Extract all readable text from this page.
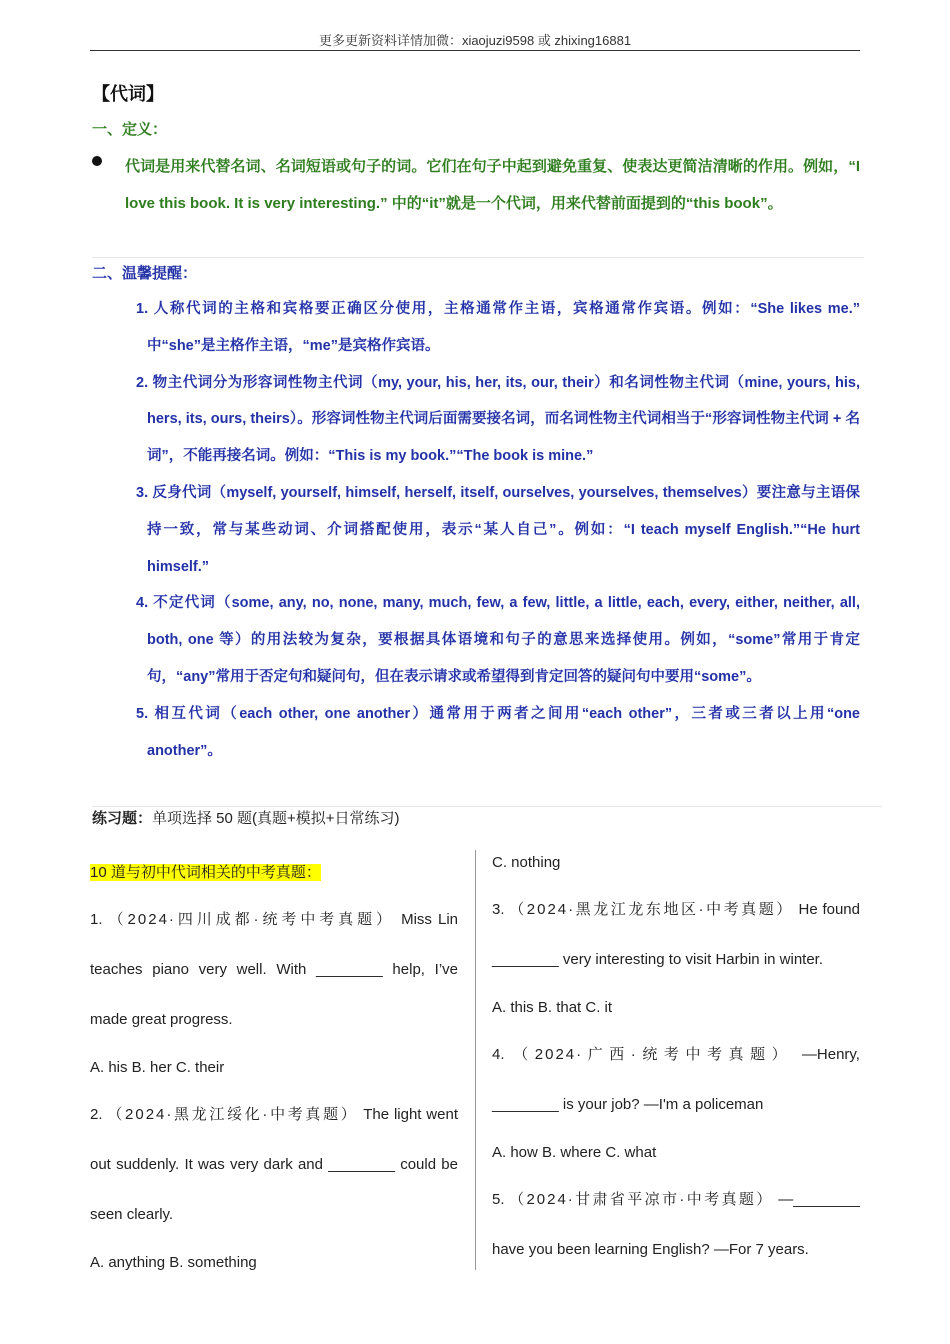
更多更新资料详情加微：xiaojuzi9598 或 zhixing16881
【代词】
一、定义：
代词是用来代替名词、名词短语或句子的词。它们在句子中起到避免重复、使表达更简洁清晰的作用。例如，“I love this book. It is very interesting.” 中的“it”就是一个代词，用来代替前面提到的“this book”。
二、温馨提醒：
1. 人称代词的主格和宾格要正确区分使用，主格通常作主语，宾格通常作宾语。例如：“She likes me.” 中“she”是主格作主语，“me”是宾格作宾语。
2. 物主代词分为形容词性物主代词（my, your, his, her, its, our, their）和名词性物主代词（mine, yours, his, hers, its, ours, theirs）。形容词性物主代词后面需要接名词，而名词性物主代词相当于“形容词性物主代词 + 名词”，不能再接名词。例如：“This is my book.”“The book is mine.”
3. 反身代词（myself, yourself, himself, herself, itself, ourselves, yourselves, themselves）要注意与主语保持一致，常与某些动词、介词搭配使用，表示“某人自己”。例如：“I teach myself English.”“He hurt himself.”
4. 不定代词（some, any, no, none, many, much, few, a few, little, a little, each, every, either, neither, all, both, one 等）的用法较为复杂，要根据具体语境和句子的意思来选择使用。例如，“some”常用于肯定句，“any”常用于否定句和疑问句，但在表示请求或希望得到肯定回答的疑问句中要用“some”。
5. 相互代词（each other, one another）通常用于两者之间用“each other”，三者或三者以上用“one another”。
练习题：单项选择 50 题(真题+模拟+日常练习)

10 道与初中代词相关的中考真题：

1. （2024·四川成都·统考中考真题） Miss Lin teaches piano very well. With ________ help, I’ve made great progress.

A. his B. her C. their

2. （2024·黑龙江绥化·中考真题） The light went out suddenly. It was very dark and ________ could be seen clearly.

A. anything B. something

C. nothing

3. （2024·黑龙江龙东地区·中考真题） He found ________ very interesting to visit Harbin in winter.

A. this B. that C. it

4. （2024·广西·统考中考真题） —Henry, ________ is your job? —I'm a policeman

A. how B. where C. what

5. （2024·甘肃省平凉市·中考真题） —________ have you been learning English? —For 7 years.
